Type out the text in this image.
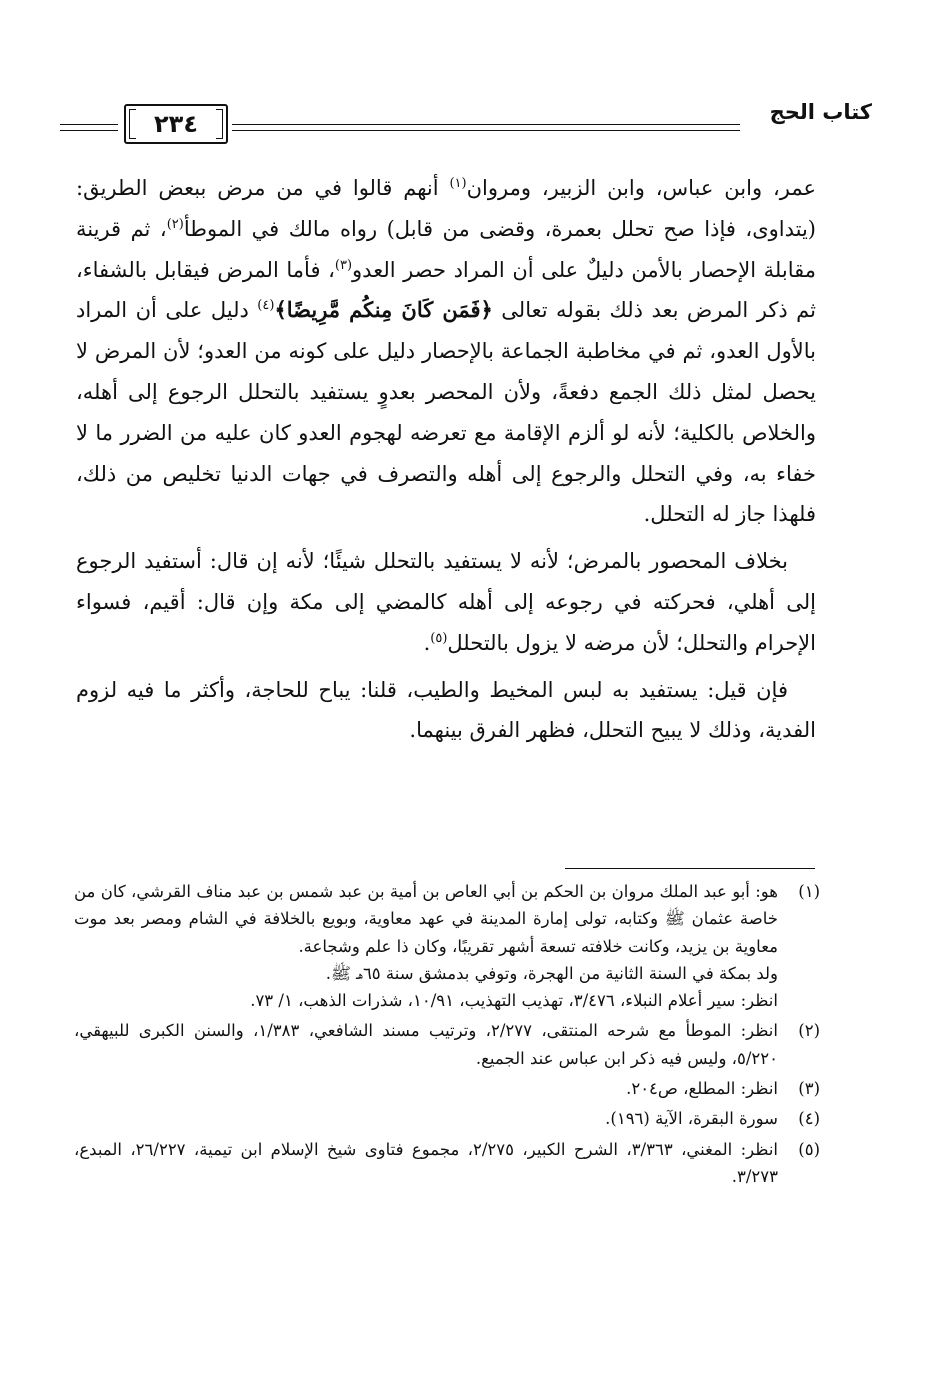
٢٣٤	كتاب الحج

عمر، وابن عباس، وابن الزبير، ومروان$^{(١)}$ أنهم قالوا في من مرض ببعض الطريق: (يتداوى، فإذا صح تحلل بعمرة، وقضى من قابل) رواه مالك في الموطأ$^{(٢)}$، ثم قرينة مقابلة الإحصار بالأمن دليلٌ على أن المراد حصر العدو$^{(٣)}$، فأما المرض فيقابل بالشفاء، ثم ذكر المرض بعد ذلك بقوله تعالى ﴿فَمَن كَانَ مِنكُم مَّرِيضًا﴾$^{(٤)}$ دليل على أن المراد بالأول العدو، ثم في مخاطبة الجماعة بالإحصار دليل على كونه من العدو؛ لأن المرض لا يحصل لمثل ذلك الجمع دفعةً، ولأن المحصر بعدوٍ يستفيد بالتحلل الرجوع إلى أهله، والخلاص بالكلية؛ لأنه لو ألزم الإقامة مع تعرضه لهجوم العدو كان عليه من الضرر ما لا خفاء به، وفي التحلل والرجوع إلى أهله والتصرف في جهات الدنيا تخليص من ذلك، فلهذا جاز له التحلل.

بخلاف المحصور بالمرض؛ لأنه لا يستفيد بالتحلل شيئًا؛ لأنه إن قال: أستفيد الرجوع إلى أهلي، فحركته في رجوعه إلى أهله كالمضي إلى مكة وإن قال: أقيم، فسواء الإحرام والتحلل؛ لأن مرضه لا يزول بالتحلل$^{(٥)}$.

فإن قيل: يستفيد به لبس المخيط والطيب، قلنا: يباح للحاجة، وأكثر ما فيه لزوم الفدية، وذلك لا يبيح التحلل، فظهر الفرق بينهما.

(١)

هو: أبو عبد الملك مروان بن الحكم بن أبي العاص بن أمية بن عبد شمس بن عبد مناف القرشي، كان من خاصة عثمان ﷺ وكتابه، تولى إمارة المدينة في عهد معاوية، وبويع بالخلافة في الشام ومصر بعد موت معاوية بن يزيد، وكانت خلافته تسعة أشهر تقريبًا، وكان ذا علم وشجاعة.

ولد بمكة في السنة الثانية من الهجرة، وتوفي بدمشق سنة ٦٥هـ ﷺ.

انظر: سير أعلام النبلاء، ٣/٤٧٦، تهذيب التهذيب، ١٠/٩١، شذرات الذهب، ١/ ٧٣.

(٢)

انظر: الموطأ مع شرحه المنتقى، ٢/٢٧٧، وترتيب مسند الشافعي، ١/٣٨٣، والسنن الكبرى للبيهقي، ٥/٢٢٠، وليس فيه ذكر ابن عباس عند الجميع.

(٣)

انظر: المطلع، ص٢٠٤.

(٤)

سورة البقرة، الآية (١٩٦).

(٥)

انظر: المغني، ٣/٣٦٣، الشرح الكبير، ٢/٢٧٥، مجموع فتاوى شيخ الإسلام ابن تيمية، ٢٦/٢٢٧، المبدع، ٣/٢٧٣.
